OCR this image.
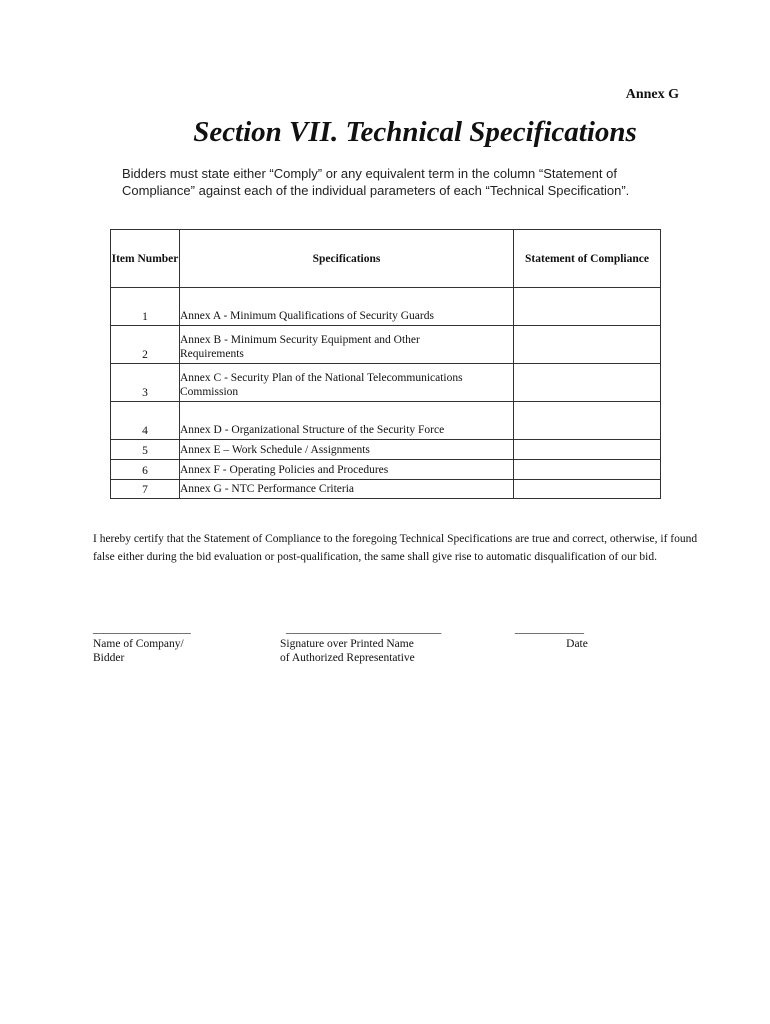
Annex G
Section VII. Technical Specifications
Bidders must state either “Comply” or any equivalent term in the column “Statement of Compliance” against each of the individual parameters of each “Technical Specification”.
Item Number	Specifications	Statement of Compliance

1	Annex A - Minimum Qualifications of Security Guards	

2	Annex B - Minimum Security Equipment and Other Requirements	

3	Annex C - Security Plan of the National Telecommunications Commission	

4	Annex D - Organizational Structure of the Security Force	

5	Annex E – Work Schedule / Assignments	

6	Annex F - Operating Policies and Procedures	

7	Annex G - NTC Performance Criteria	

I hereby certify that the Statement of Compliance to the foregoing Technical Specifications are true and correct, otherwise, if found false either during the bid evaluation or post-qualification, the same shall give rise to automatic disqualification of our bid.
_________________
Name of Company/
Bidder
___________________________
Signature over Printed Name
of Authorized Representative
____________
Date
